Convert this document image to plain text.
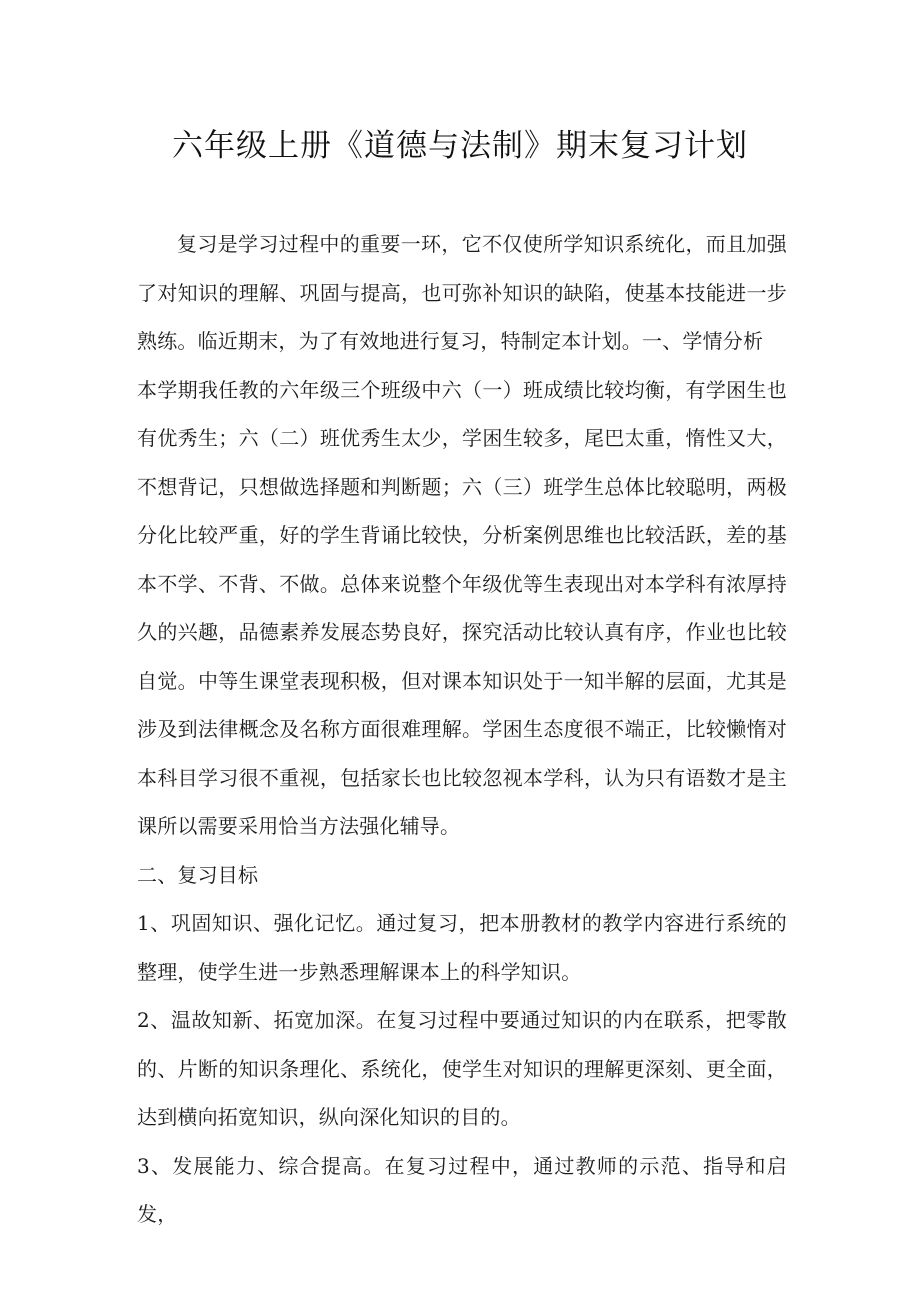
六年级上册《道德与法制》期末复习计划

复习是学习过程中的重要一环，它不仅使所学知识系统化，而且加强了对知识的理解、巩固与提高，也可弥补知识的缺陷，使基本技能进一步熟练。临近期末，为了有效地进行复习，特制定本计划。一、学情分析

本学期我任教的六年级三个班级中六（一）班成绩比较均衡，有学困生也有优秀生；六（二）班优秀生太少，学困生较多，尾巴太重，惰性又大，不想背记，只想做选择题和判断题；六（三）班学生总体比较聪明，两极分化比较严重，好的学生背诵比较快，分析案例思维也比较活跃，差的基本不学、不背、不做。总体来说整个年级优等生表现出对本学科有浓厚持久的兴趣，品德素养发展态势良好，探究活动比较认真有序，作业也比较自觉。中等生课堂表现积极，但对课本知识处于一知半解的层面，尤其是涉及到法律概念及名称方面很难理解。学困生态度很不端正，比较懒惰对本科目学习很不重视，包括家长也比较忽视本学科，认为只有语数才是主课所以需要采用恰当方法强化辅导。

二、复习目标

1、巩固知识、强化记忆。通过复习，把本册教材的教学内容进行系统的整理，使学生进一步熟悉理解课本上的科学知识。

2、温故知新、拓宽加深。在复习过程中要通过知识的内在联系，把零散的、片断的知识条理化、系统化，使学生对知识的理解更深刻、更全面，达到横向拓宽知识，纵向深化知识的目的。

3、发展能力、综合提高。在复习过程中，通过教师的示范、指导和启发，
